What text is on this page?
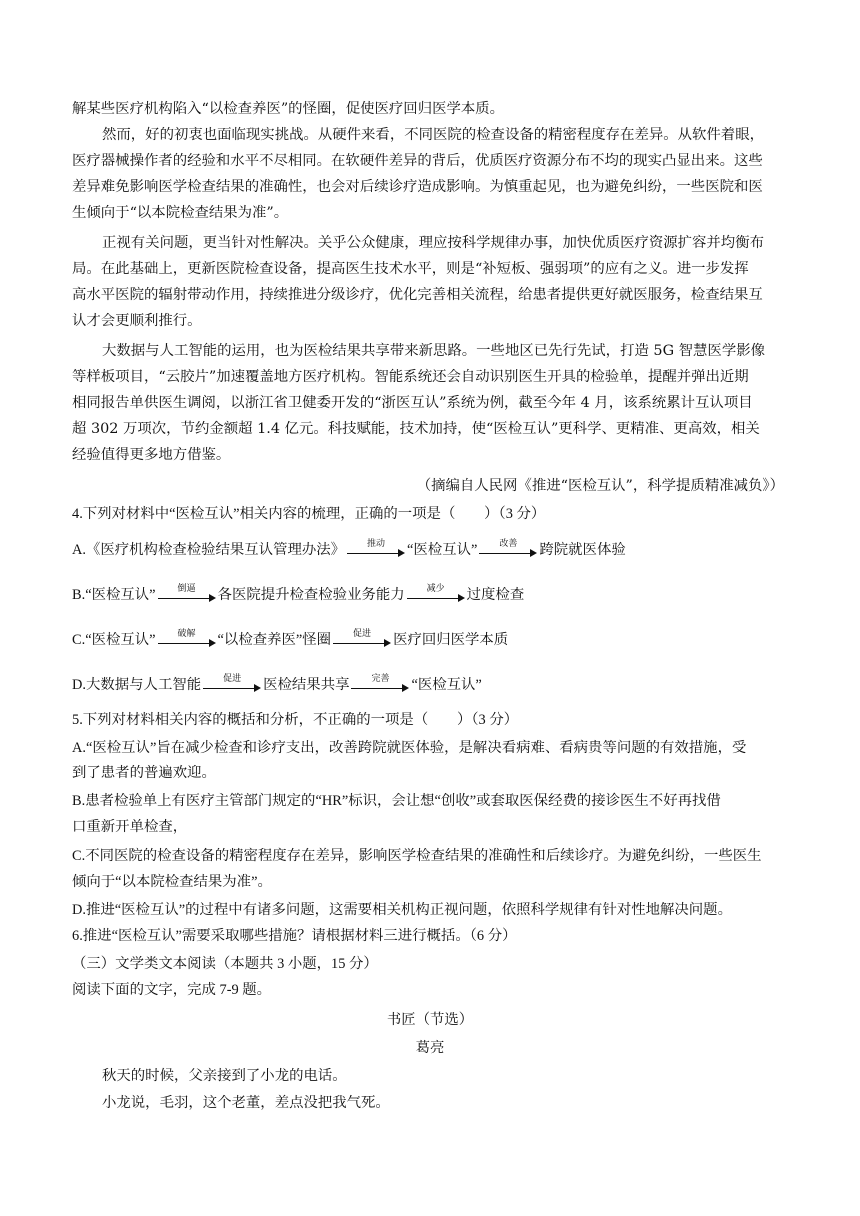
解某些医疗机构陷入“以检查养医”的怪圈，促使医疗回归医学本质。
然而，好的初衷也面临现实挑战。从硬件来看，不同医院的检查设备的精密程度存在差异。从软件着眼，
医疗器械操作者的经验和水平不尽相同。在软硬件差异的背后，优质医疗资源分布不均的现实凸显出来。这些
差异难免影响医学检查结果的准确性，也会对后续诊疗造成影响。为慎重起见，也为避免纠纷，一些医院和医
生倾向于“以本院检查结果为准”。
正视有关问题，更当针对性解决。关乎公众健康，理应按科学规律办事，加快优质医疗资源扩容并均衡布
局。在此基础上，更新医院检查设备，提高医生技术水平，则是“补短板、强弱项”的应有之义。进一步发挥
高水平医院的辐射带动作用，持续推进分级诊疗，优化完善相关流程，给患者提供更好就医服务，检查结果互
认才会更顺利推行。
大数据与人工智能的运用，也为医检结果共享带来新思路。一些地区已先行先试，打造 5G 智慧医学影像
等样板项目，“云胶片”加速覆盖地方医疗机构。智能系统还会自动识别医生开具的检验单，提醒并弹出近期
相同报告单供医生调阅，以浙江省卫健委开发的“浙医互认”系统为例，截至今年 4 月，该系统累计互认项目
超 302 万项次，节约金额超 1.4 亿元。科技赋能，技术加持，使“医检互认”更科学、更精准、更高效，相关
经验值得更多地方借鉴。
（摘编自人民网《推进“医检互认”，科学提质精准减负》）
4.下列对材料中“医检互认”相关内容的梳理，正确的一项是（　　）（3 分）
A.《医疗机构检查检验结果互认管理办法》	推动	“医检互认”	改善	跨院就医体验
B.“医检互认”	倒逼	各医院提升检查检验业务能力	减少	过度检查
C.“医检互认”	破解	“以检查养医”怪圈	促进	医疗回归医学本质
D.大数据与人工智能	促进	医检结果共享	完善	“医检互认”
5.下列对材料相关内容的概括和分析，不正确的一项是（　　）（3 分）
A.“医检互认”旨在减少检查和诊疗支出，改善跨院就医体验，是解决看病难、看病贵等问题的有效措施，受
到了患者的普遍欢迎。
B.患者检验单上有医疗主管部门规定的“HR”标识，会让想“创收”或套取医保经费的接诊医生不好再找借
口重新开单检查，
C.不同医院的检查设备的精密程度存在差异，影响医学检查结果的准确性和后续诊疗。为避免纠纷，一些医生
倾向于“以本院检查结果为准”。
D.推进“医检互认”的过程中有诸多问题，这需要相关机构正视问题，依照科学规律有针对性地解决问题。
6.推进“医检互认”需要采取哪些措施？请根据材料三进行概括。（6 分）
（三）文学类文本阅读（本题共 3 小题，15 分）
阅读下面的文字，完成 7-9 题。
书匠（节选）
葛亮
秋天的时候，父亲接到了小龙的电话。
小龙说，毛羽，这个老董，差点没把我气死。
